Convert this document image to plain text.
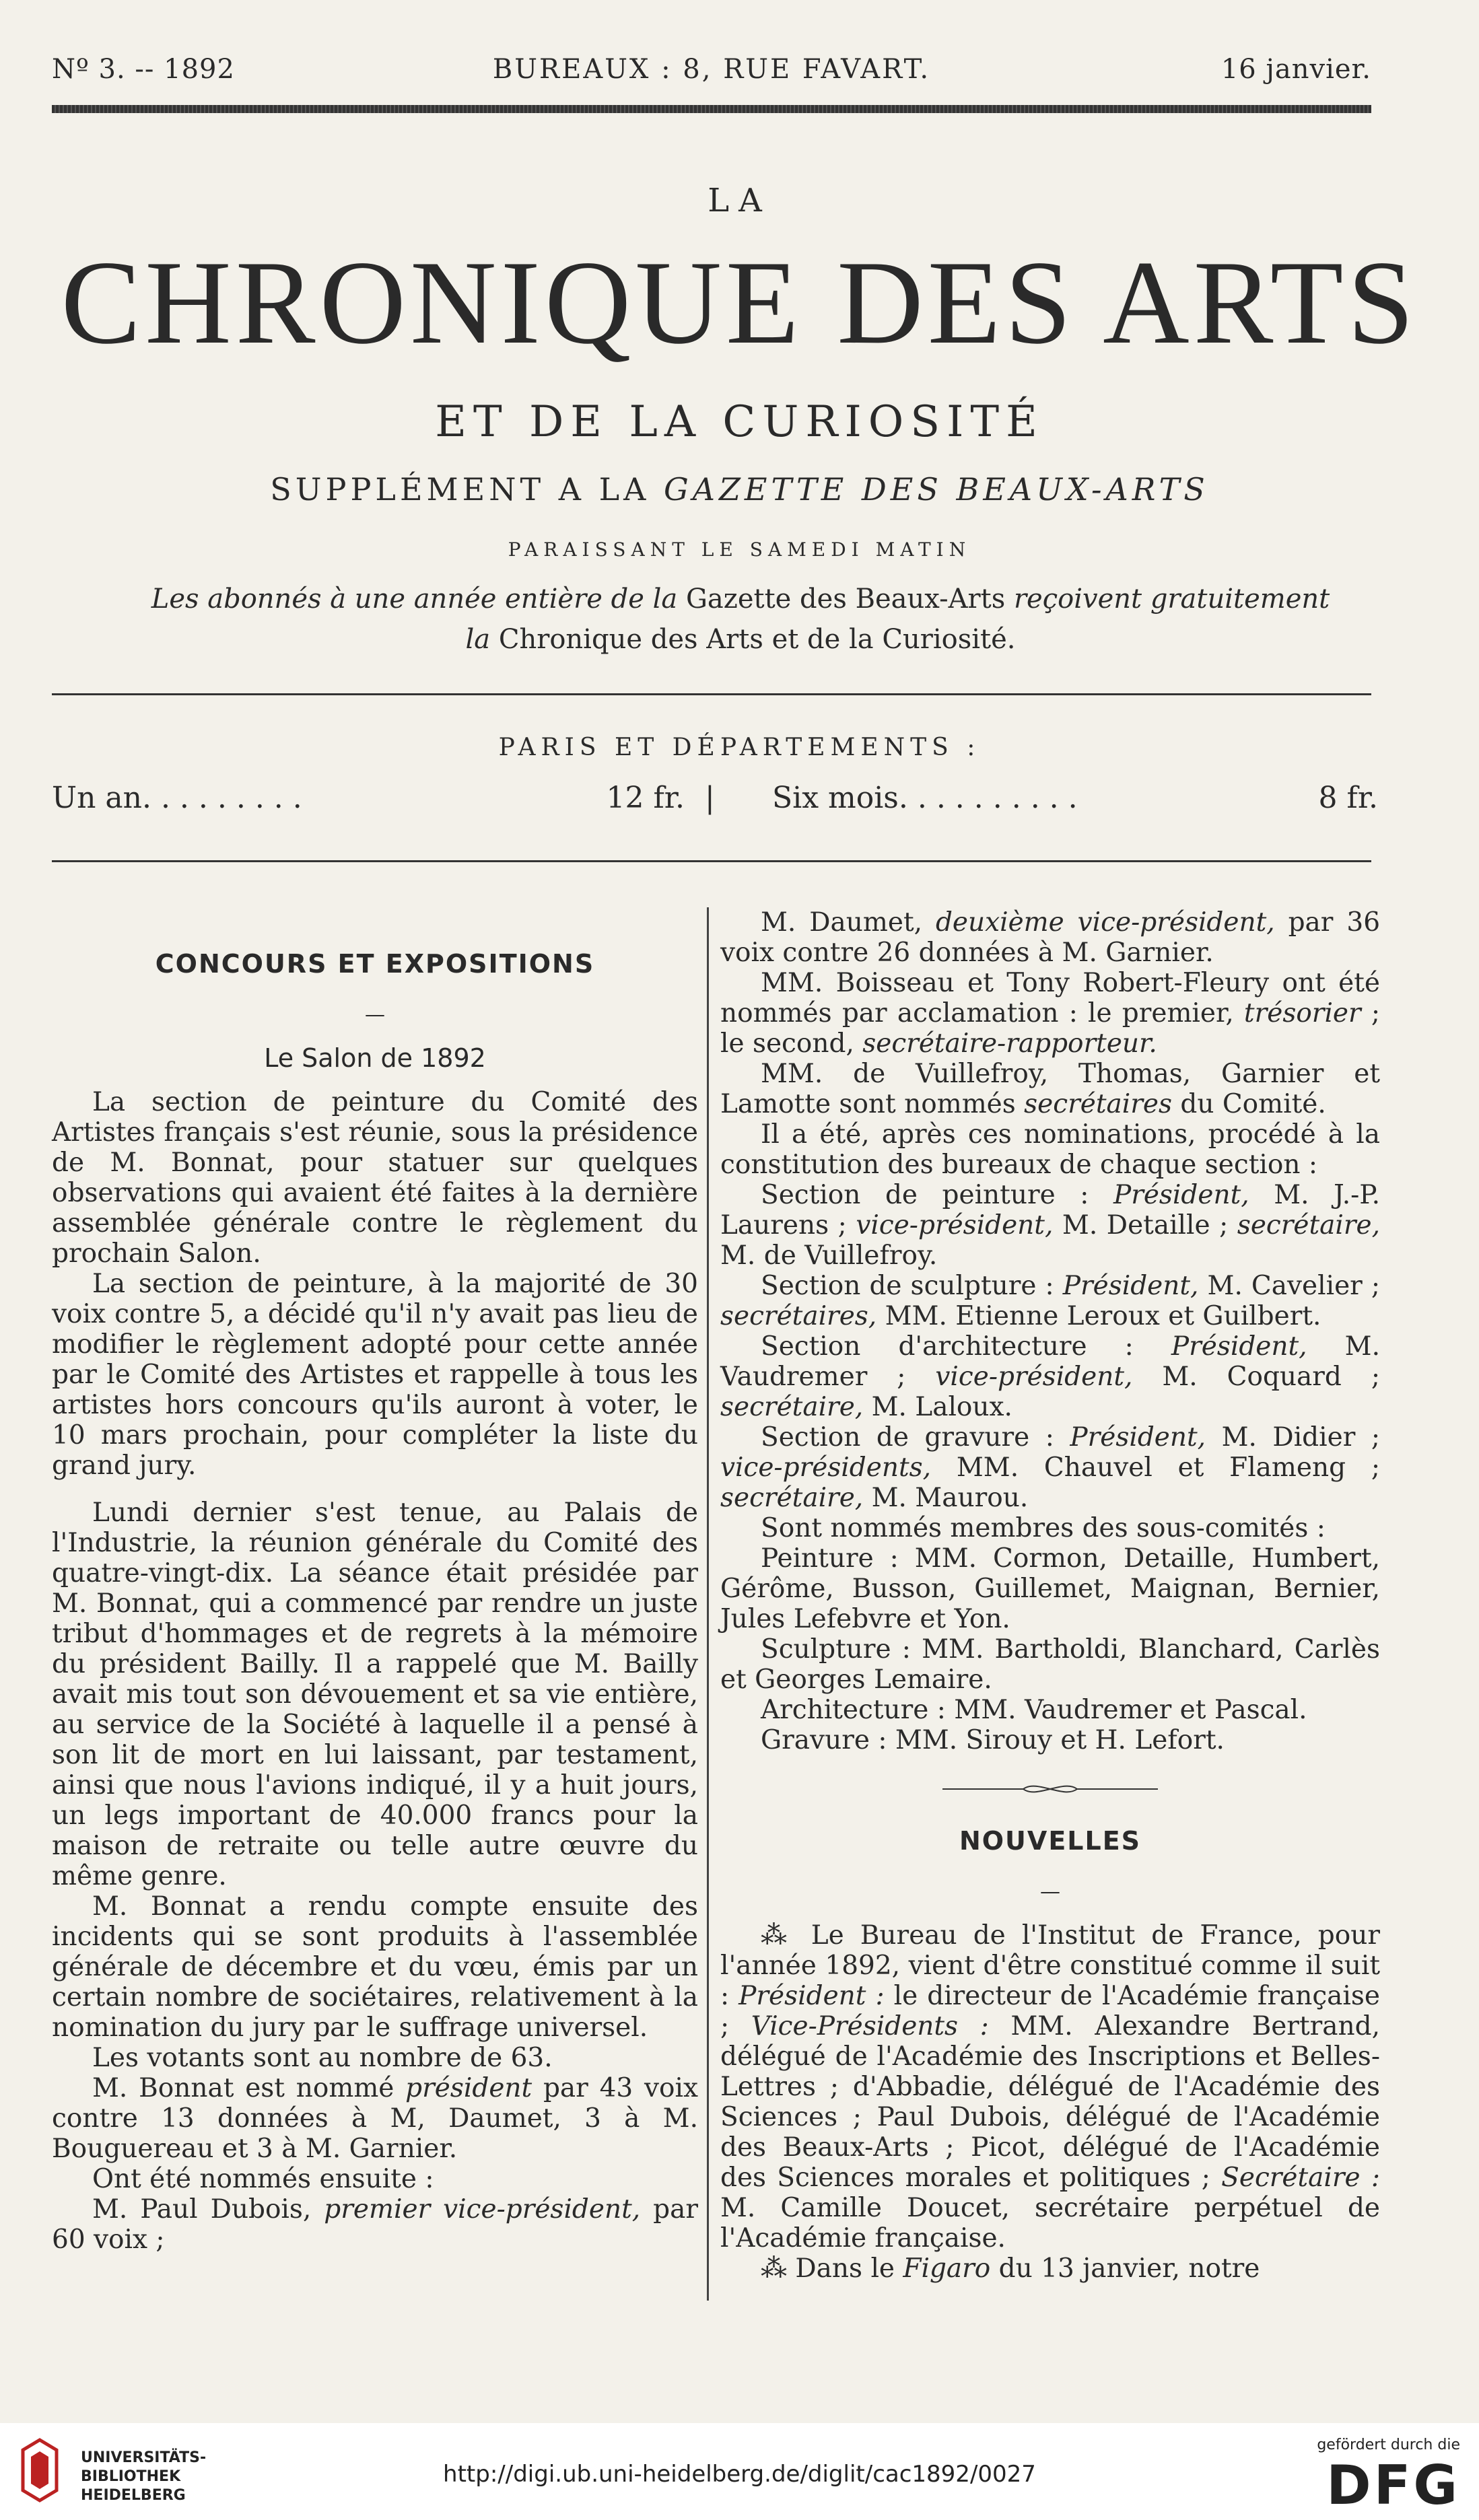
Nº 3. -- 1892	BUREAUX : 8, RUE FAVART.	16 janvier.
LA
CHRONIQUE DES ARTS
ET DE LA CURIOSITÉ
SUPPLÉMENT A LA GAZETTE DES BEAUX-ARTS
PARAISSANT LE SAMEDI MATIN
Les abonnés à une année entière de la Gazette des Beaux-Arts reçoivent gratuitement
la Chronique des Arts et de la Curiosité.
PARIS ET DÉPARTEMENTS :
Un an. . . . . . . . .	12 fr. | Six mois. . . . . . . . . .	8 fr.
CONCOURS ET EXPOSITIONS
—
Le Salon de 1892

La section de peinture du Comité des Artistes français s'est réunie, sous la présidence de M. Bonnat, pour statuer sur quelques observations qui avaient été faites à la dernière assemblée générale contre le règlement du prochain Salon.

La section de peinture, à la majorité de 30 voix contre 5, a décidé qu'il n'y avait pas lieu de modifier le règlement adopté pour cette année par le Comité des Artistes et rappelle à tous les artistes hors concours qu'ils auront à voter, le 10 mars prochain, pour compléter la liste du grand jury.

Lundi dernier s'est tenue, au Palais de l'Industrie, la réunion générale du Comité des quatre-vingt-dix. La séance était présidée par M. Bonnat, qui a commencé par rendre un juste tribut d'hommages et de regrets à la mémoire du président Bailly. Il a rappelé que M. Bailly avait mis tout son dévouement et sa vie entière, au service de la Société à laquelle il a pensé à son lit de mort en lui laissant, par testament, ainsi que nous l'avions indiqué, il y a huit jours, un legs important de 40.000 francs pour la maison de retraite ou telle autre œuvre du même genre.

M. Bonnat a rendu compte ensuite des incidents qui se sont produits à l'assemblée générale de décembre et du vœu, émis par un certain nombre de sociétaires, relativement à la nomination du jury par le suffrage universel.

Les votants sont au nombre de 63.

M. Bonnat est nommé président par 43 voix contre 13 données à M, Daumet, 3 à M. Bouguereau et 3 à M. Garnier.

Ont été nommés ensuite :

M. Paul Dubois, premier vice-président, par 60 voix ;

M. Daumet, deuxième vice-président, par 36 voix contre 26 données à M. Garnier.

MM. Boisseau et Tony Robert-Fleury ont été nommés par acclamation : le premier, trésorier ; le second, secrétaire-rapporteur.

MM. de Vuillefroy, Thomas, Garnier et Lamotte sont nommés secrétaires du Comité.

Il a été, après ces nominations, procédé à la constitution des bureaux de chaque section :

Section de peinture : Président, M. J.-P. Laurens ; vice-président, M. Detaille ; secrétaire, M. de Vuillefroy.

Section de sculpture : Président, M. Cavelier ; secrétaires, MM. Etienne Leroux et Guilbert.

Section d'architecture : Président, M. Vaudremer ; vice-président, M. Coquard ; secrétaire, M. Laloux.

Section de gravure : Président, M. Didier ; vice-présidents, MM. Chauvel et Flameng ; secrétaire, M. Maurou.

Sont nommés membres des sous-comités :

Peinture : MM. Cormon, Detaille, Humbert, Gérôme, Busson, Guillemet, Maignan, Bernier, Jules Lefebvre et Yon.

Sculpture : MM. Bartholdi, Blanchard, Carlès et Georges Lemaire.

Architecture : MM. Vaudremer et Pascal.

Gravure : MM. Sirouy et H. Lefort.

NOUVELLES
—

⁂ Le Bureau de l'Institut de France, pour l'année 1892, vient d'être constitué comme il suit : Président : le directeur de l'Académie française ; Vice-Présidents : MM. Alexandre Bertrand, délégué de l'Académie des Inscriptions et Belles-Lettres ; d'Abbadie, délégué de l'Académie des Sciences ; Paul Dubois, délégué de l'Académie des Beaux-Arts ; Picot, délégué de l'Académie des Sciences morales et politiques ; Secrétaire : M. Camille Doucet, secrétaire perpétuel de l'Académie française.

⁂ Dans le Figaro du 13 janvier, notre

UNIVERSITÄTS-
BIBLIOTHEK
HEIDELBERG
http://digi.ub.uni-heidelberg.de/diglit/cac1892/0027
gefördert durch die
DFG
